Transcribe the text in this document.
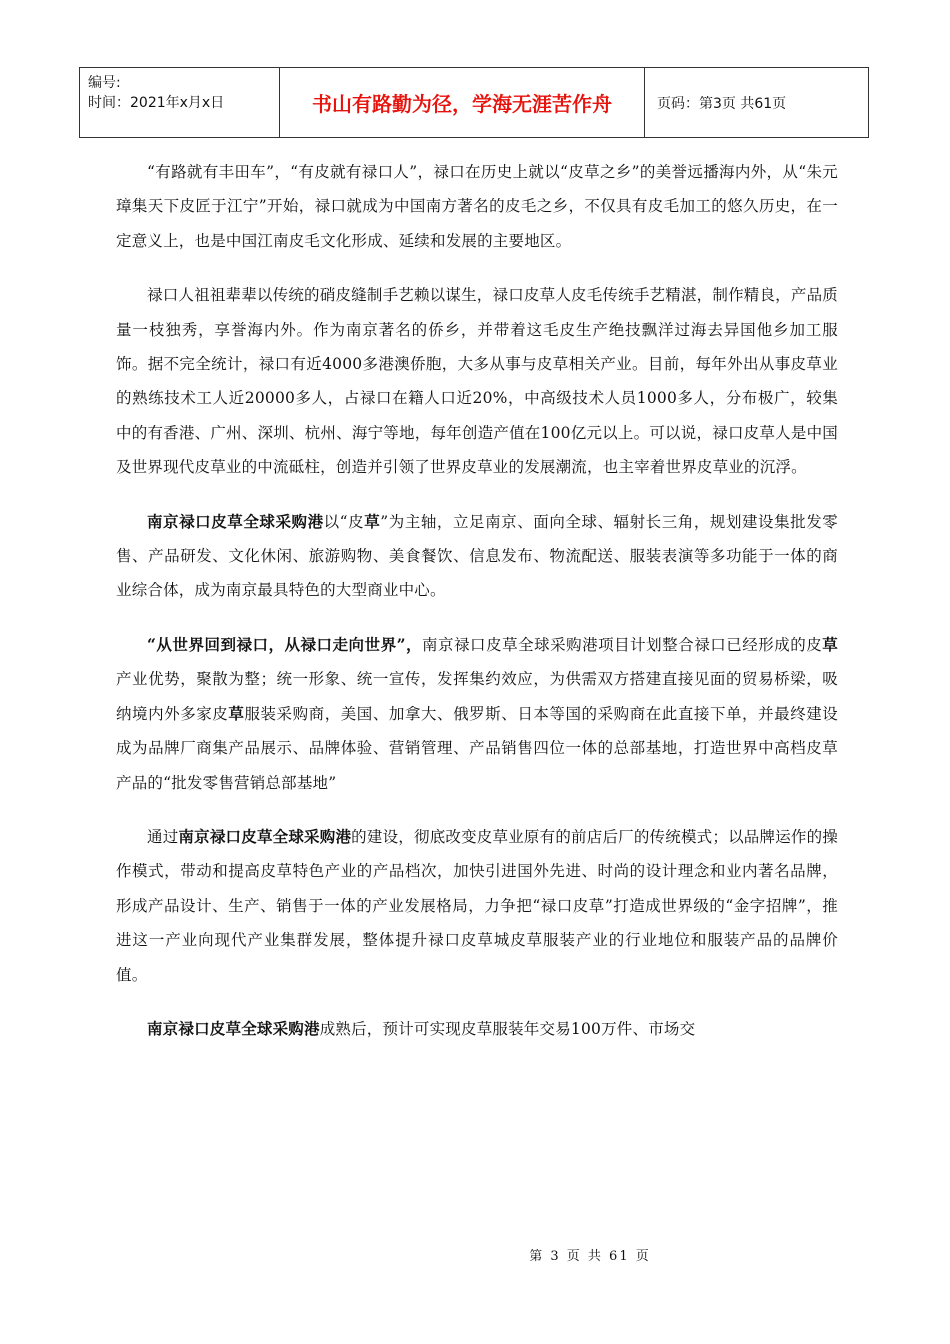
编号:
时间：2021年x月x日	书山有路勤为径，学海无涯苦作舟	页码：第3页 共61页

“有路就有丰田车”，“有皮就有禄口人”，禄口在历史上就以“皮草之乡”的美誉远播海内外，从“朱元璋集天下皮匠于江宁”开始，禄口就成为中国南方著名的皮毛之乡，不仅具有皮毛加工的悠久历史，在一定意义上，也是中国江南皮毛文化形成、延续和发展的主要地区。

禄口人祖祖辈辈以传统的硝皮缝制手艺赖以谋生，禄口皮草人皮毛传统手艺精湛，制作精良，产品质量一枝独秀，享誉海内外。作为南京著名的侨乡，并带着这毛皮生产绝技飘洋过海去异国他乡加工服饰。据不完全统计，禄口有近4000多港澳侨胞，大多从事与皮草相关产业。目前，每年外出从事皮草业的熟练技术工人近20000多人，占禄口在籍人口近20%，中高级技术人员1000多人，分布极广，较集中的有香港、广州、深圳、杭州、海宁等地，每年创造产值在100亿元以上。可以说，禄口皮草人是中国及世界现代皮草业的中流砥柱，创造并引领了世界皮草业的发展潮流，也主宰着世界皮草业的沉浮。

南京禄口皮草全球采购港以“皮草”为主轴，立足南京、面向全球、辐射长三角，规划建设集批发零售、产品研发、文化休闲、旅游购物、美食餐饮、信息发布、物流配送、服装表演等多功能于一体的商业综合体，成为南京最具特色的大型商业中心。

“从世界回到禄口，从禄口走向世界”，南京禄口皮草全球采购港项目计划整合禄口已经形成的皮草产业优势，聚散为整；统一形象、统一宣传，发挥集约效应，为供需双方搭建直接见面的贸易桥梁，吸纳境内外多家皮草服装采购商，美国、加拿大、俄罗斯、日本等国的采购商在此直接下单，并最终建设成为品牌厂商集产品展示、品牌体验、营销管理、产品销售四位一体的总部基地，打造世界中高档皮草产品的“批发零售营销总部基地”

通过南京禄口皮草全球采购港的建设，彻底改变皮草业原有的前店后厂的传统模式；以品牌运作的操作模式，带动和提高皮草特色产业的产品档次，加快引进国外先进、时尚的设计理念和业内著名品牌，形成产品设计、生产、销售于一体的产业发展格局，力争把“禄口皮草”打造成世界级的“金字招牌”，推进这一产业向现代产业集群发展，整体提升禄口皮草城皮草服装产业的行业地位和服装产品的品牌价值。

南京禄口皮草全球采购港成熟后，预计可实现皮草服装年交易100万件、市场交

第 3 页 共 61 页
